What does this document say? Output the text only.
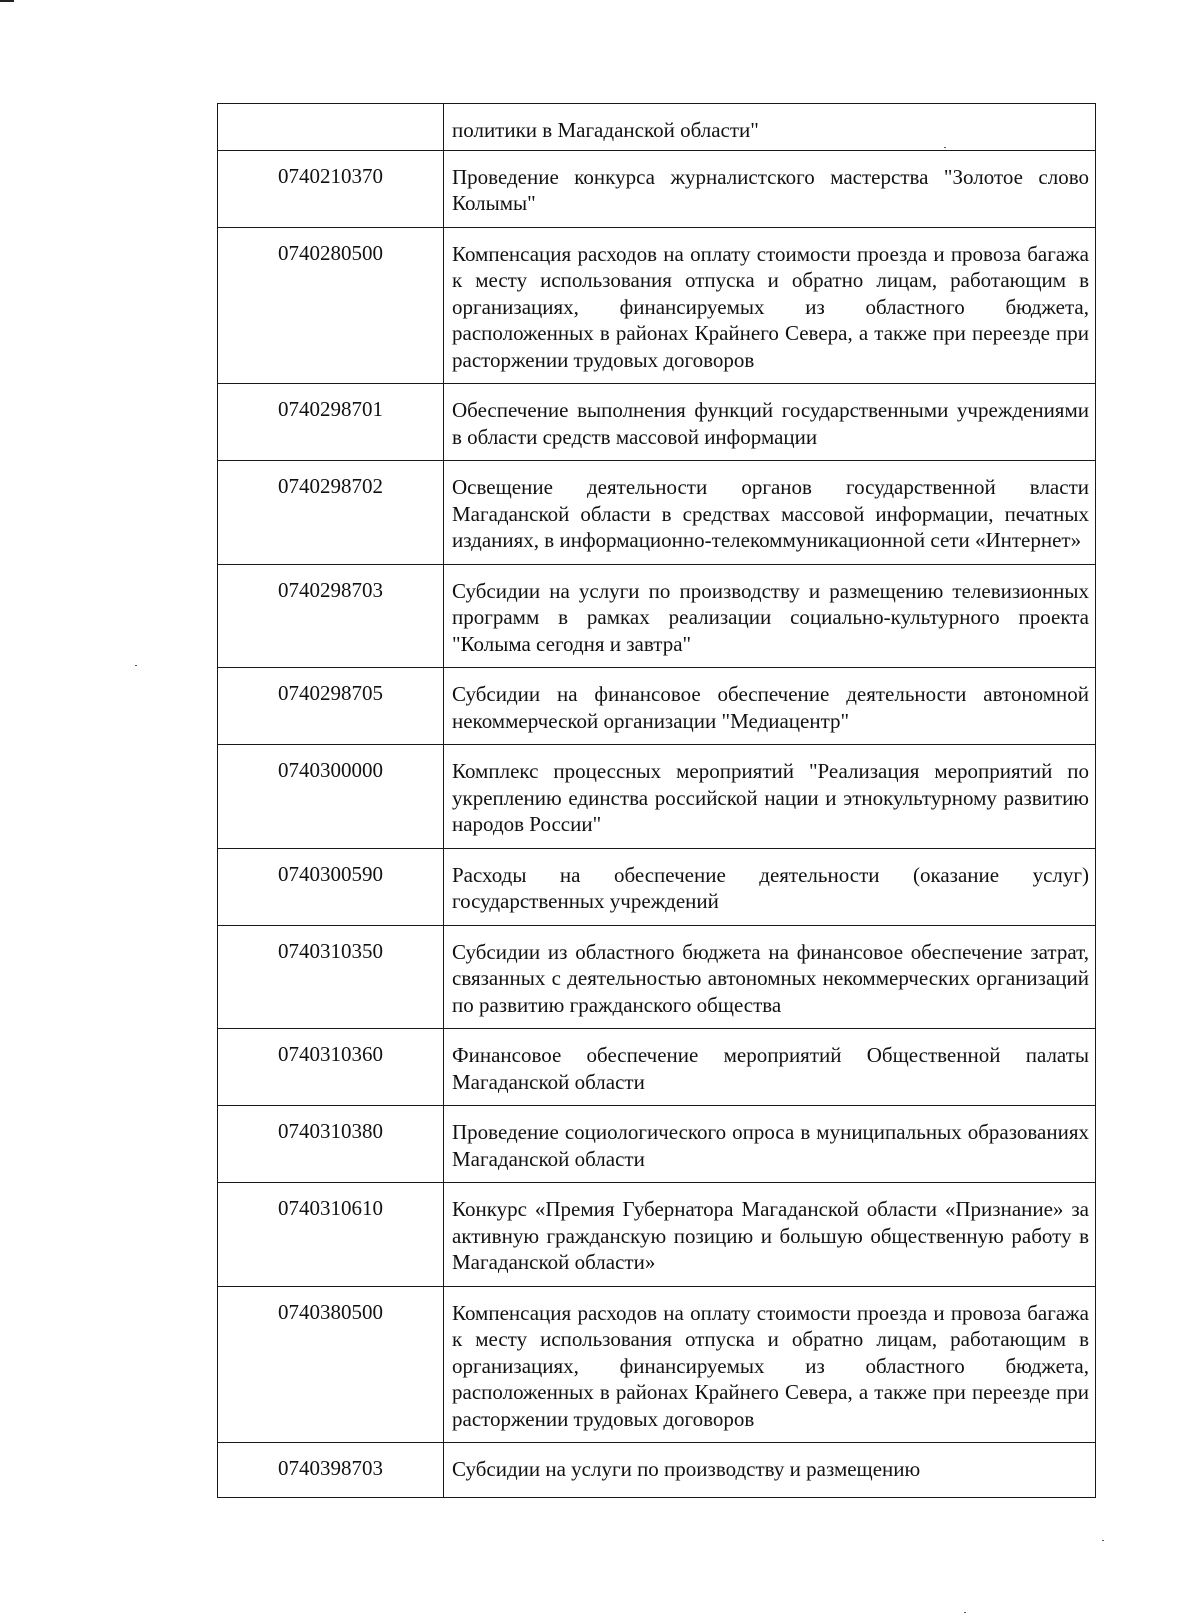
	политики в Магаданской области"

0740210370	Проведение конкурса журналистского мастерства "Золотое слово Колымы"

0740280500	Компенсация расходов на оплату стоимости проезда и провоза багажа к месту использования отпуска и обратно лицам, работающим в организациях, финансируемых из областного бюджета, расположенных в районах Крайнего Севера, а также при переезде при расторжении трудовых договоров

0740298701	Обеспечение выполнения функций государственными учреждениями в области средств массовой информации

0740298702	Освещение деятельности органов государственной власти Магаданской области в средствах массовой информации, печатных изданиях, в информационно-телекоммуникационной сети «Интернет»

0740298703	Субсидии на услуги по производству и размещению телевизионных программ в рамках реализации социально-культурного проекта "Колыма сегодня и завтра"

0740298705	Субсидии на финансовое обеспечение деятельности автономной некоммерческой организации "Медиацентр"

0740300000	Комплекс процессных мероприятий "Реализация мероприятий по укреплению единства российской нации и этнокультурному развитию народов России"

0740300590	Расходы на обеспечение деятельности (оказание услуг) государственных учреждений

0740310350	Субсидии из областного бюджета на финансовое обеспечение затрат, связанных с деятельностью автономных некоммерческих организаций по развитию гражданского общества

0740310360	Финансовое обеспечение мероприятий Общественной палаты Магаданской области

0740310380	Проведение социологического опроса в муниципальных образованиях Магаданской области

0740310610	Конкурс «Премия Губернатора Магаданской области «Признание» за активную гражданскую позицию и большую общественную работу в Магаданской области»

0740380500	Компенсация расходов на оплату стоимости проезда и провоза багажа к месту использования отпуска и обратно лицам, работающим в организациях, финансируемых из областного бюджета, расположенных в районах Крайнего Севера, а также при переезде при расторжении трудовых договоров

0740398703	Субсидии на услуги по производству и размещению
